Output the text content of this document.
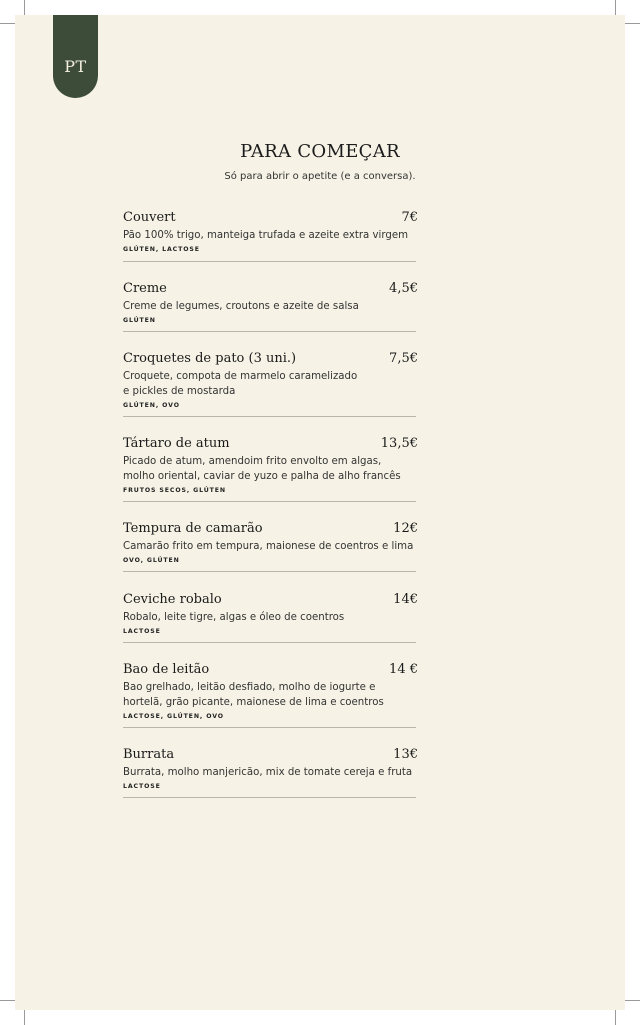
PT
PARA COMEÇAR
Só para abrir o apetite (e a conversa).
Couvert	7€
Pão 100% trigo, manteiga trufada e azeite extra virgem
GLÚTEN, LACTOSE
Creme	4,5€
Creme de legumes, croutons e azeite de salsa
GLÚTEN
Croquetes de pato (3 uni.)	7,5€
Croquete, compota de marmelo caramelizado
e pickles de mostarda
GLÚTEN, OVO
Tártaro de atum	13,5€
Picado de atum, amendoim frito envolto em algas,
molho oriental, caviar de yuzo e palha de alho francês
FRUTOS SECOS, GLÚTEN
Tempura de camarão	12€
Camarão frito em tempura, maionese de coentros e lima
OVO, GLÚTEN
Ceviche robalo	14€
Robalo, leite tigre, algas e óleo de coentros
LACTOSE
Bao de leitão	14 €
Bao grelhado, leitão desfiado, molho de iogurte e
hortelã, grão picante, maionese de lima e coentros
LACTOSE, GLÚTEN, OVO
Burrata	13€
Burrata, molho manjericão, mix de tomate cereja e fruta
LACTOSE
